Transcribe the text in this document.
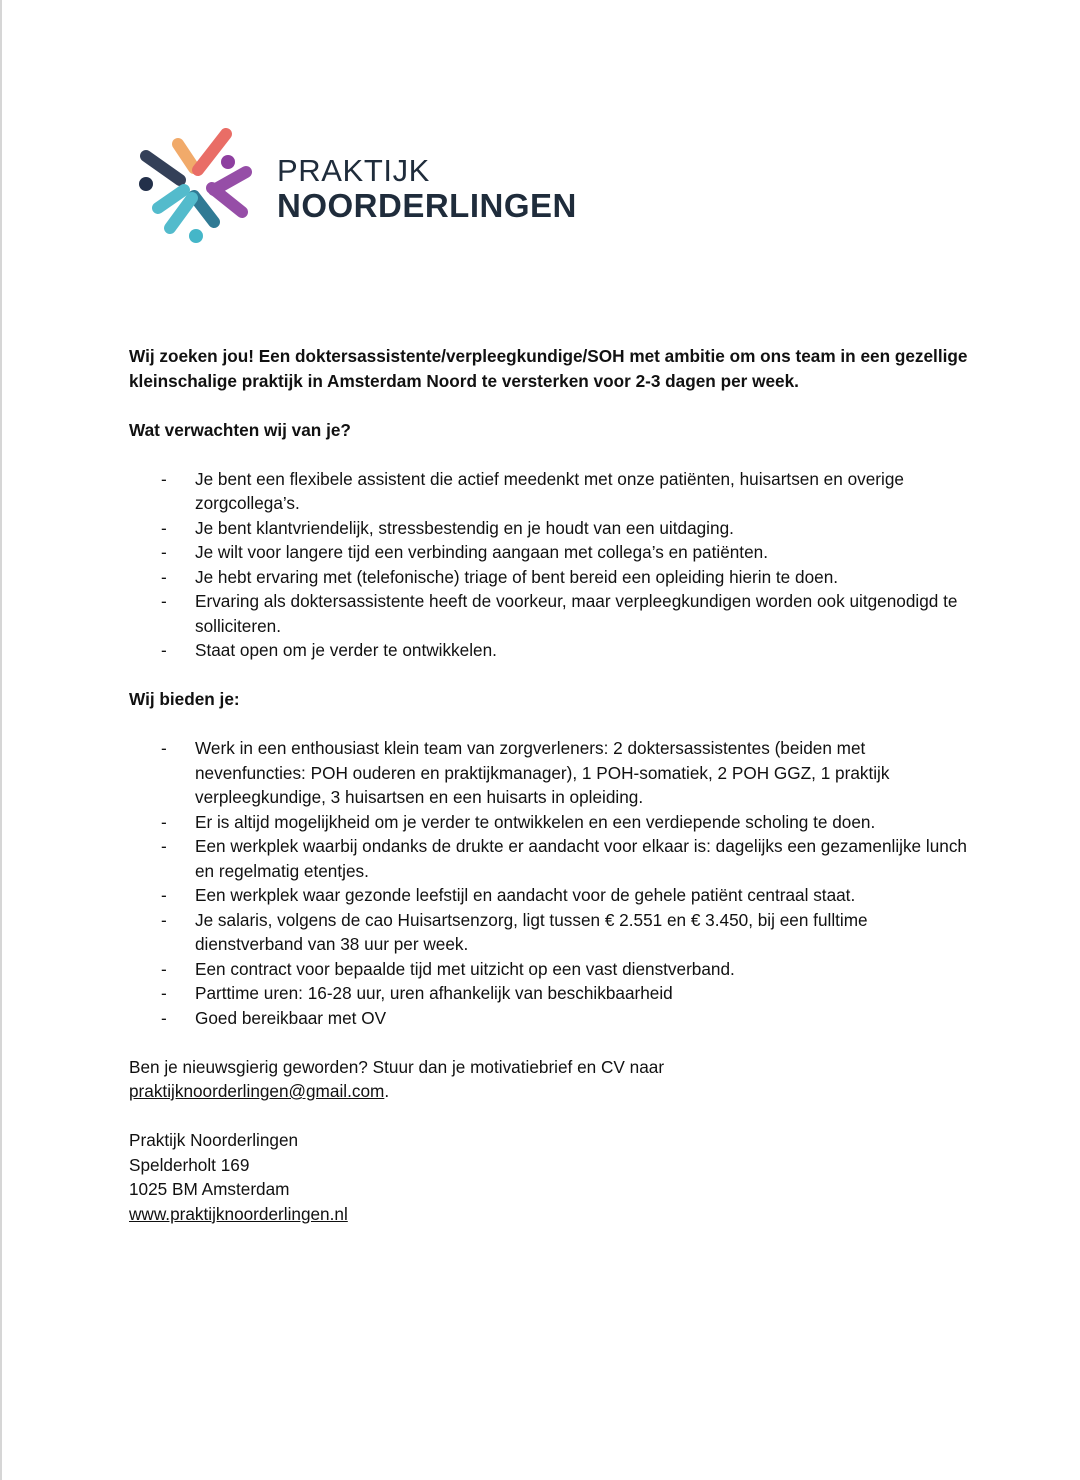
PRAKTIJK
NOORDERLINGEN

Wij zoeken jou! Een doktersassistente/verpleegkundige/SOH met ambitie om ons team in een gezellige kleinschalige praktijk in Amsterdam Noord te versterken voor 2-3 dagen per week.

Wat verwachten wij van je?

- Je bent een flexibele assistent die actief meedenkt met onze patiënten, huisartsen en overige zorgcollega’s.
- Je bent klantvriendelijk, stressbestendig en je houdt van een uitdaging.
- Je wilt voor langere tijd een verbinding aangaan met collega’s en patiënten.
- Je hebt ervaring met (telefonische) triage of bent bereid een opleiding hierin te doen.
- Ervaring als doktersassistente heeft de voorkeur, maar verpleegkundigen worden ook uitgenodigd te solliciteren.
- Staat open om je verder te ontwikkelen.

Wij bieden je:

- Werk in een enthousiast klein team van zorgverleners: 2 doktersassistentes (beiden met nevenfuncties: POH ouderen en praktijkmanager), 1 POH-somatiek, 2 POH GGZ, 1 praktijk verpleegkundige, 3 huisartsen en een huisarts in opleiding.
- Er is altijd mogelijkheid om je verder te ontwikkelen en een verdiepende scholing te doen.
- Een werkplek waarbij ondanks de drukte er aandacht voor elkaar is: dagelijks een gezamenlijke lunch en regelmatig etentjes.
- Een werkplek waar gezonde leefstijl en aandacht voor de gehele patiënt centraal staat.
- Je salaris, volgens de cao Huisartsenzorg, ligt tussen € 2.551 en € 3.450, bij een fulltime dienstverband van 38 uur per week.
- Een contract voor bepaalde tijd met uitzicht op een vast dienstverband.
- Parttime uren: 16-28 uur, uren afhankelijk van beschikbaarheid
- Goed bereikbaar met OV

Ben je nieuwsgierig geworden? Stuur dan je motivatiebrief en CV naar
praktijknoorderlingen@gmail.com.

Praktijk Noorderlingen
Spelderholt 169
1025 BM Amsterdam
www.praktijknoorderlingen.nl
